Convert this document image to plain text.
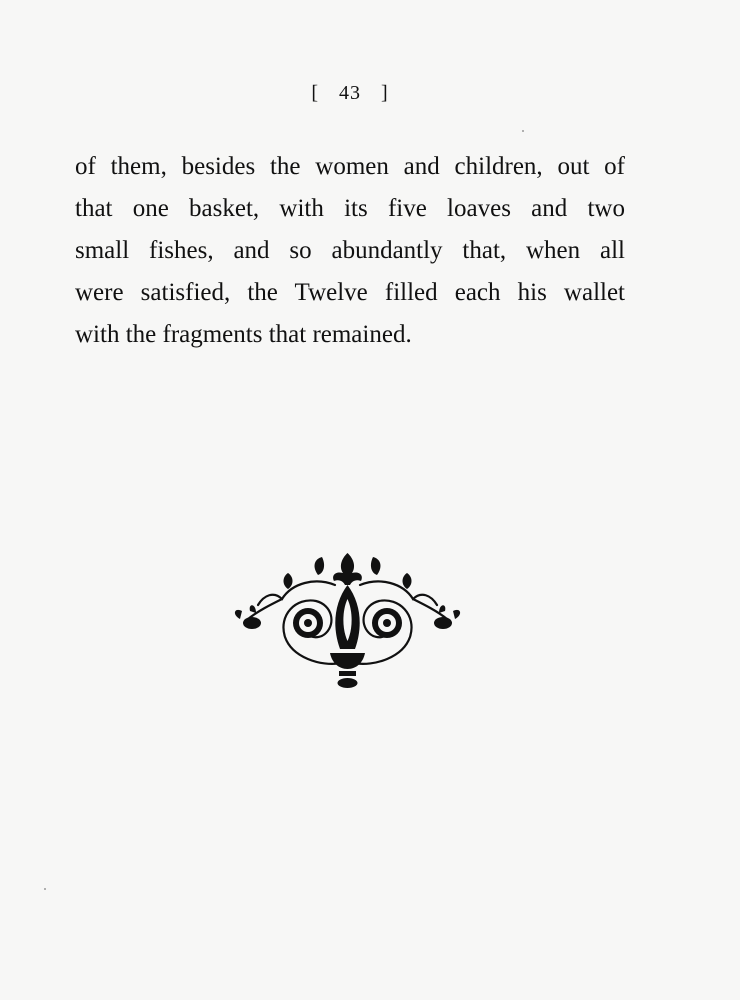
[ 43 ]
of them, besides the women and children, out of
that one basket, with its five loaves and two
small fishes, and so abundantly that, when all
were satisfied, the Twelve filled each his wallet
with the fragments that remained.
